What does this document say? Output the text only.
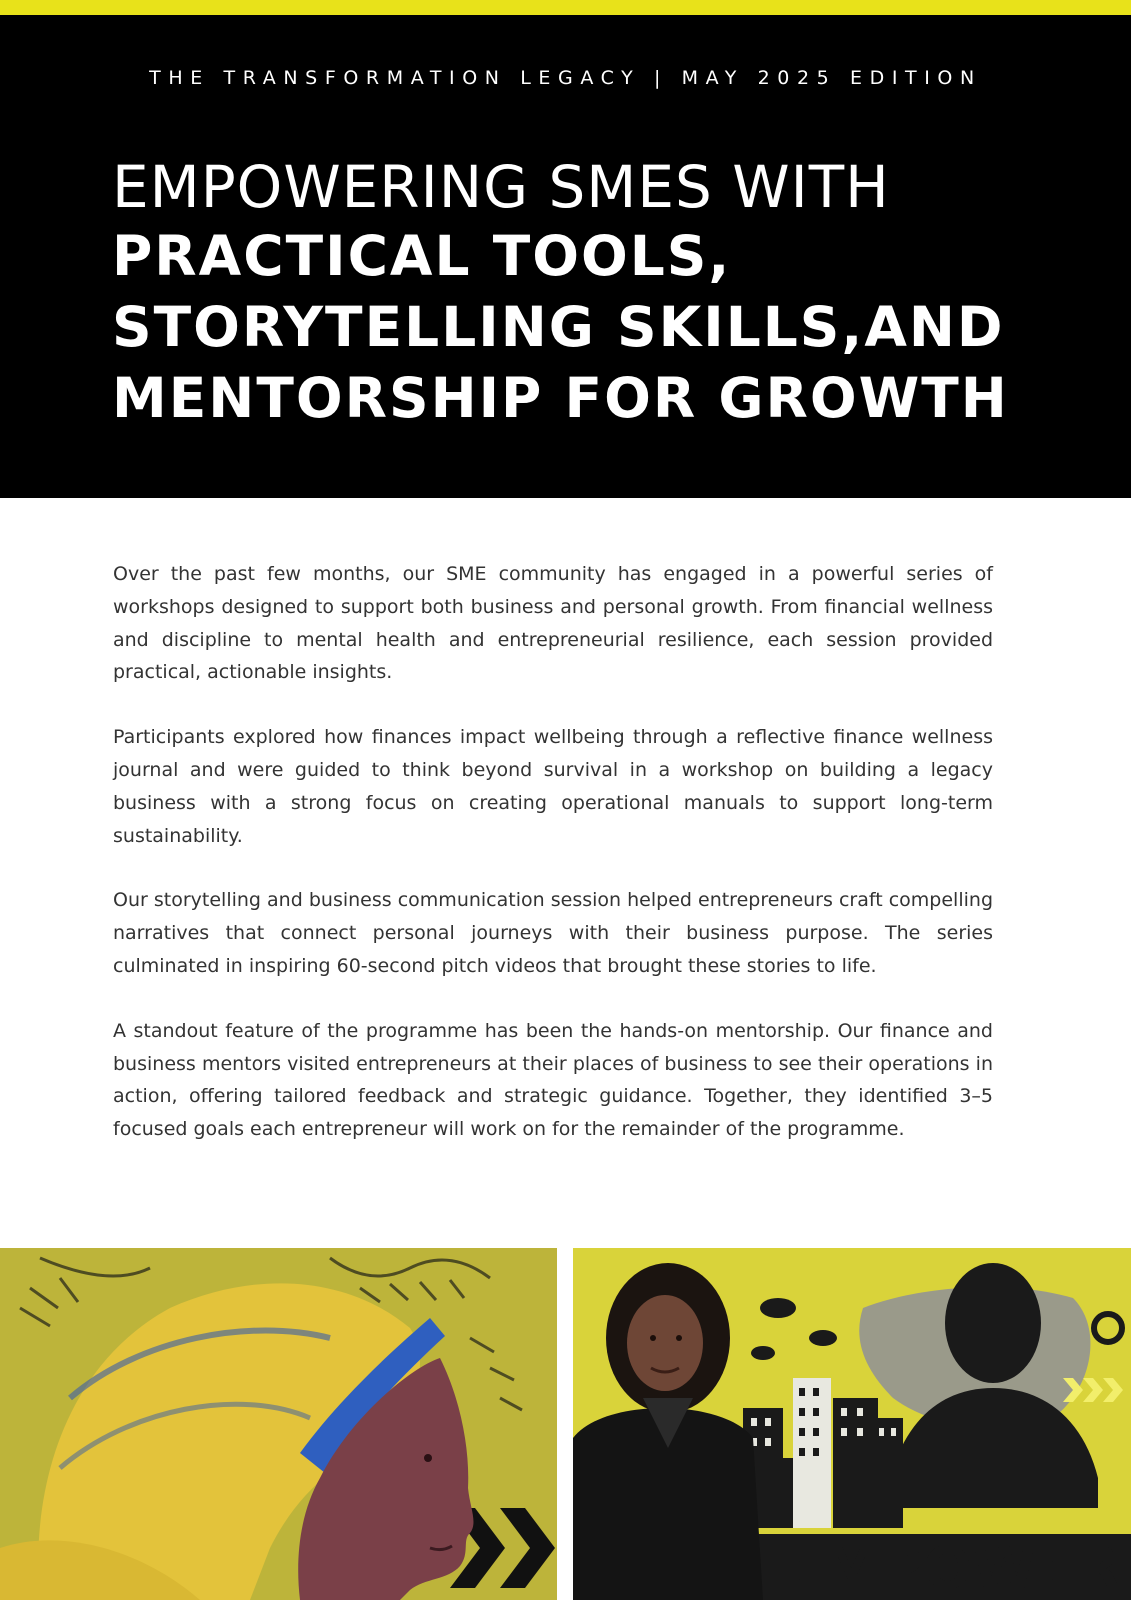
THE TRANSFORMATION LEGACY | MAY 2025 EDITION
EMPOWERING SMES WITH
PRACTICAL TOOLS,
STORYTELLING SKILLS,AND
MENTORSHIP FOR GROWTH

Over the past few months, our SME community has engaged in a powerful series of workshops designed to support both business and personal growth. From financial wellness and discipline to mental health and entrepreneurial resilience, each session provided practical, actionable insights.

Participants explored how finances impact wellbeing through a reflective finance wellness journal and were guided to think beyond survival in a workshop on building a legacy business with a strong focus on creating operational manuals to support long-term sustainability.

Our storytelling and business communication session helped entrepreneurs craft compelling narratives that connect personal journeys with their business purpose. The series culminated in inspiring 60-second pitch videos that brought these stories to life.

A standout feature of the programme has been the hands-on mentorship. Our finance and business mentors visited entrepreneurs at their places of business to see their operations in action, offering tailored feedback and strategic guidance. Together, they identified 3–5 focused goals each entrepreneur will work on for the remainder of the programme.

EMPOWER
